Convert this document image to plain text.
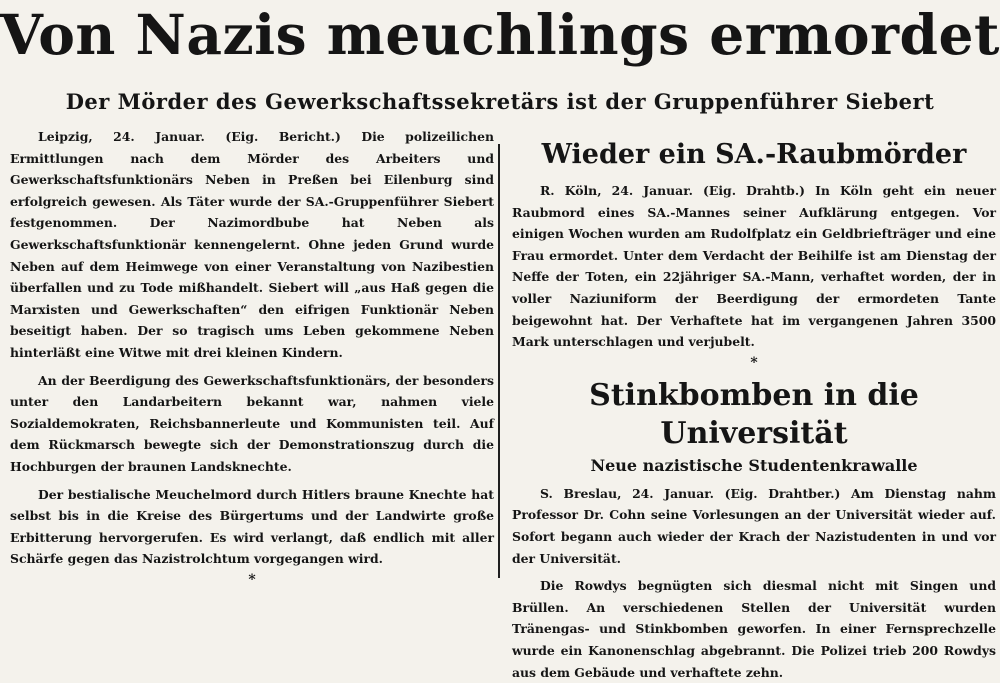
Von Nazis meuchlings ermordet
Der Mörder des Gewerkschaftssekretärs ist der Gruppenführer Siebert

Leipzig, 24. Januar. (Eig. Bericht.) Die polizeilichen Ermittlungen nach dem Mörder des Arbeiters und Gewerkschaftsfunktionärs Neben in Preßen bei Eilenburg sind erfolgreich gewesen. Als Täter wurde der SA.-Gruppenführer Siebert festgenommen. Der Nazimordbube hat Neben als Gewerkschaftsfunktionär kennengelernt. Ohne jeden Grund wurde Neben auf dem Heimwege von einer Veranstaltung von Nazibestien überfallen und zu Tode mißhandelt. Siebert will „aus Haß gegen die Marxisten und Gewerkschaften“ den eifrigen Funktionär Neben beseitigt haben. Der so tragisch ums Leben gekommene Neben hinterläßt eine Witwe mit drei kleinen Kindern.

An der Beerdigung des Gewerkschaftsfunktionärs, der besonders unter den Landarbeitern bekannt war, nahmen viele Sozialdemokraten, Reichsbannerleute und Kommunisten teil. Auf dem Rückmarsch bewegte sich der Demonstrationszug durch die Hochburgen der braunen Landsknechte.

Der bestialische Meuchelmord durch Hitlers braune Knechte hat selbst bis in die Kreise des Bürgertums und der Landwirte große Erbitterung hervorgerufen. Es wird verlangt, daß endlich mit aller Schärfe gegen das Nazistrolchtum vorgegangen wird.

*
Wieder ein SA.-Raubmörder

R. Köln, 24. Januar. (Eig. Drahtb.) In Köln geht ein neuer Raubmord eines SA.-Mannes seiner Aufklärung entgegen. Vor einigen Wochen wurden am Rudolfplatz ein Geldbriefträger und eine Frau ermordet. Unter dem Verdacht der Beihilfe ist am Dienstag der Neffe der Toten, ein 22jähriger SA.-Mann, verhaftet worden, der in voller Naziuniform der Beerdigung der ermordeten Tante beigewohnt hat. Der Verhaftete hat im vergangenen Jahren 3500 Mark unterschlagen und verjubelt.

*
Stinkbomben in die Universität
Neue nazistische Studentenkrawalle

S. Breslau, 24. Januar. (Eig. Drahtber.) Am Dienstag nahm Professor Dr. Cohn seine Vorlesungen an der Universität wieder auf. Sofort begann auch wieder der Krach der Nazistudenten in und vor der Universität.

Die Rowdys begnügten sich diesmal nicht mit Singen und Brüllen. An verschiedenen Stellen der Universität wurden Tränengas- und Stinkbomben geworfen. In einer Fernsprechzelle wurde ein Kanonenschlag abgebrannt. Die Polizei trieb 200 Rowdys aus dem Gebäude und verhaftete zehn.
